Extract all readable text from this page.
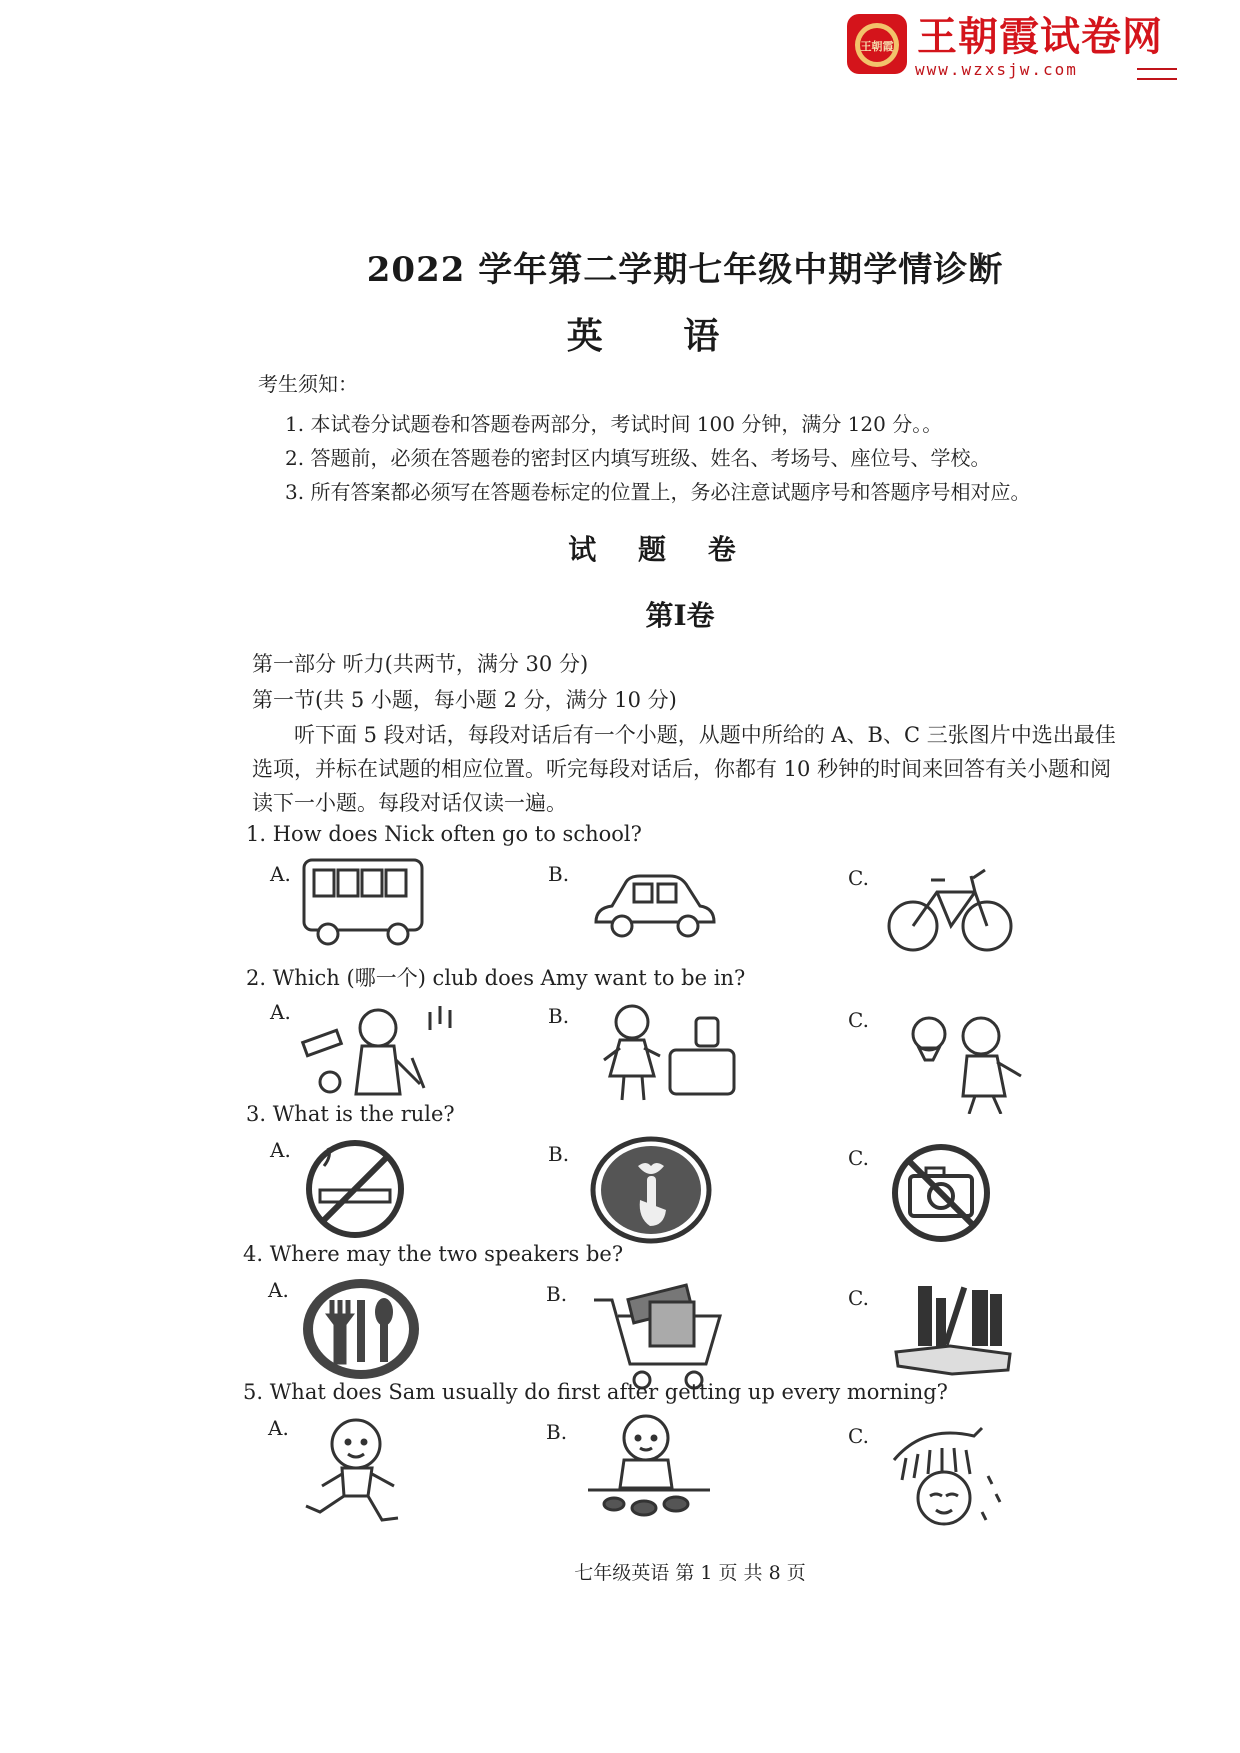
王朝霞 王朝霞试卷网
www.wzxsjw.com
2022 学年第二学期七年级中期学情诊断
英 语
考生须知：
1. 本试卷分试题卷和答题卷两部分，考试时间 100 分钟，满分 120 分。。
2. 答题前，必须在答题卷的密封区内填写班级、姓名、考场号、座位号、学校。
3. 所有答案都必须写在答题卷标定的位置上，务必注意试题序号和答题序号相对应。
试 题 卷
第I卷
第一部分 听力(共两节，满分 30 分)
第一节(共 5 小题，每小题 2 分，满分 10 分)
听下面 5 段对话，每段对话后有一个小题，从题中所给的 A、B、C 三张图片中选出最佳选项，并标在试题的相应位置。听完每段对话后，你都有 10 秒钟的时间来回答有关小题和阅读下一小题。每段对话仅读一遍。
1. How does Nick often go to school?
A.	B.	C.
2. Which (哪一个) club does Amy want to be in?
A.	B.	C.
3. What is the rule?
A.	B.	C.
4. Where may the two speakers be?
A.	B.	C.
5. What does Sam usually do first after getting up every morning?
A.	B.	C.
七年级英语 第 1 页 共 8 页
